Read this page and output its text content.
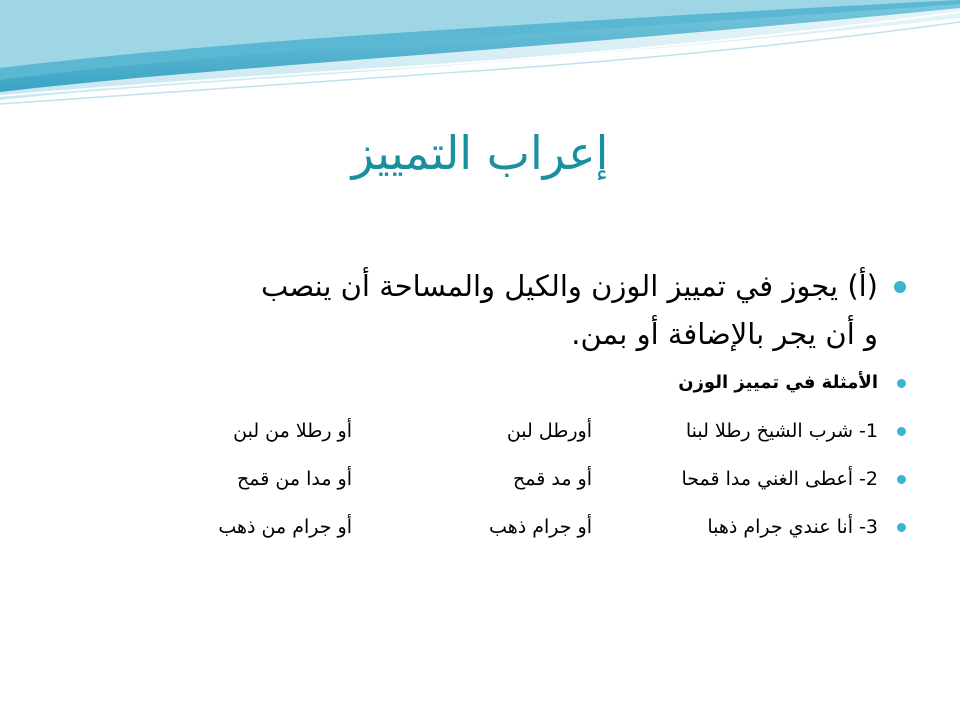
إعراب التمييز
(أ) يجوز في تمييز الوزن والكيل والمساحة أن ينصب
و أن يجر بالإضافة أو بمن.
الأمثلة في تمييز الوزن
1- شرب الشيخ رطلا لبنا
أورطل لبن
أو رطلا من لبن
2- أعطى الغني مدا قمحا
أو مد قمح
أو مدا من قمح
3- أنا عندي جرام ذهبا
أو جرام ذهب
أو جرام من ذهب
